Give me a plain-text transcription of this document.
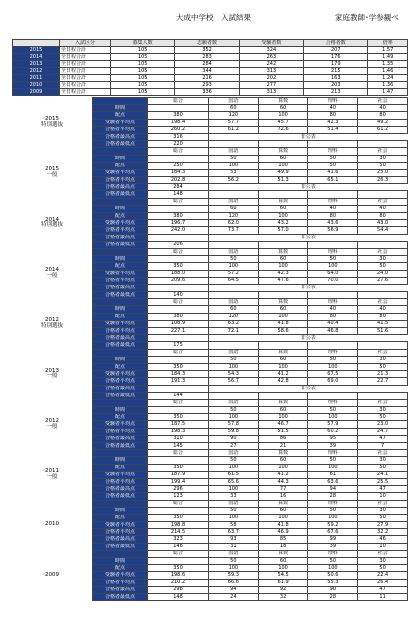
大成中学校　入試結果	家庭教師･学参観べ
	入試区分	募集人数	志願者数	受験者数	合格者数	倍率
2015	全日程合計	105	352	324	207	1.57
2014	全日程合計	105	283	263	176	1.49
2013	全日程合計	105	284	242	179	1.35
2012	全日程合計	105	344	313	215	1.46
2011	全日程合計	105	216	202	163	1.24
2010	全日程合計	105	293	277	203	1.36
2009	全日程合計	105	336	313	213	1.47
2015
特別選抜		総合	国語	算数	理科	社会
	時間		60	60	40	40
	配点	380	120	100	80	80
	受験者平均点	198.4	57.7	45.7	42.3	49.2
	合格者平均点	260.2	61.2	72.6	51.4	61.2
	合格者最高点	316	非公表			
	合格者最低点	220				
2015
一般		総合	国語	算数	理科	社会
	時間		50	60	50	30
	配点	250	100	100	50	50
	受験者平均点	184.3	53	49.9	41.6	25.0
	合格者平均点	202.8	56.2	51.3	65.1	26.3
	合格者最高点	284	非公表			
	合格者最低点	148				
2014
特別選抜		総合	国語	算数	理科	社会
	時間		60	60	40	40
	配点	380	120	100	80	80
	受験者平均点	196.7	62.0	43.2	43.6	43.0
	合格者平均点	242.0	73.7	57.0	56.9	54.4
	合格者最高点		非公表			
	合格者最低点	206				
2014
一般		総合	国語	算数	理科	社会
	時間		50	60	50	30
	配点	350	100	100	100	50
	受験者平均点	188.0	57.2	42.3	64.0	24.0
	合格者平均点	209.6	64.5	47.6	70.0	27.6
	合格者最高点		非公表			
	合格者最低点	140				
2012
特別選抜		総合	国語	算数	理科	社会
	時間		60	60	40	40
	配点	380	120	100	80	80
	受験者平均点	108.9	63.2	41.8	40.4	41.5
	合格者平均点	227.1	72.1	58.6	46.8	51.6
	合格者最高点		非公表			
	合格者最低点	175				
2013
一般		総合	国語	算数	理科	社会
	時間		50	60	50	30
	配点	350	100	100	100	50
	受験者平均点	184.3	54.3	41.2	67.5	21.3
	合格者平均点	191.3	56.7	42.8	69.0	22.7
	合格者最高点		非公表			
	合格者最低点	144				
2012
一般		総合	国語	算数	理科	社会
	時間		50	60	50	30
	配点	350	100	100	100	50
	受験者平均点	187.5	57.8	46.7	57.9	23.0
	合格者平均点	198.3	59.8	51.5	60.2	24.7
	合格者最高点	310	90	86	95	47
	合格者最低点	145	27	21	39	7
2011
一般		総合	国語	算数	理科	社会
	時間		50	60	50	30
	配点	350	100	100	100	50
	受験者平均点	187.9	61.5	41.2	61	24.1
	合格者平均点	199.4	65.6	44.3	63.6	25.5
	合格者最高点	296	100	77	94	47
	合格者最低点	123	33	16	28	10
2010		総合	国語	算数	理科	社会
	時間		50	60	50	30
	配点	350	100	100	100	50
	受験者平均点	198.8	58	41.8	59.2	27.9
	合格者平均点	214.5	63.7	46.9	67.6	32.2
	合格者最高点	323	93	85	99	46
	合格者最低点	146	31	18	39	10
2009		総合	国語	算数	理科	社会
	時間		50	60	50	30
	配点	350	100	100	100	50
	受験者平均点	198.6	59.3	54.5	50.6	22.4
	合格者平均点	210.2	66.8	61.9	55.3	26.4
	合格者最高点	298	94	92	90	47
	合格者最低点	148	24	32	28	11
